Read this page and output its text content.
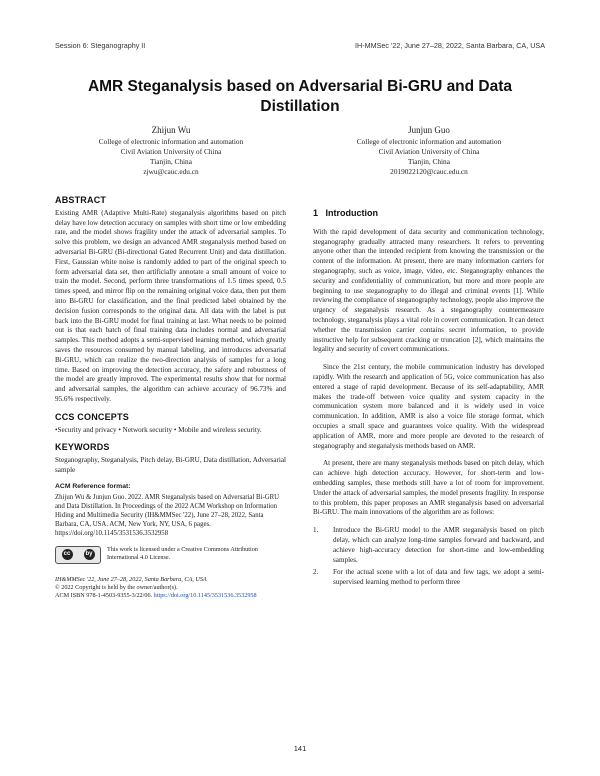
Session 6: Steganography II	IH-MMSec '22, June 27–28, 2022, Santa Barbara, CA, USA
AMR Steganalysis based on Adversarial Bi-GRU and Data Distillation
Zhijun Wu
College of electronic information and automation
Civil Aviation University of China
Tianjin, China
zjwu@cauc.edu.cn
Junjun Guo
College of electronic information and automation
Civil Aviation University of China
Tianjin, China
2019022120@cauc.edu.cn
ABSTRACT

Existing AMR (Adaptive Multi-Rate) steganalysis algorithms based on pitch delay have low detection accuracy on samples with short time or low embedding rate, and the model shows fragility under the attack of adversarial samples. To solve this problem, we design an advanced AMR steganalysis method based on adversarial Bi-GRU (Bi-directional Gated Recurrent Unit) and data distillation. First, Gaussian white noise is randomly added to part of the original speech to form adversarial data set, then artificially annotate a small amount of voice to train the model. Second, perform three transformations of 1.5 times speed, 0.5 times speed, and mirror flip on the remaining original voice data, then put them into Bi-GRU for classification, and the final predicted label obtained by the decision fusion corresponds to the original data. All data with the label is put back into the Bi-GRU model for final training at last. What needs to be pointed out is that each batch of final training data includes normal and adversarial samples. This method adopts a semi-supervised learning method, which greatly saves the resources consumed by manual labeling, and introduces adversarial Bi-GRU, which can realize the two-direction analysis of samples for a long time. Based on improving the detection accuracy, the safety and robustness of the model are greatly improved. The experimental results show that for normal and adversarial samples, the algorithm can achieve accuracy of 96.73% and 95.6% respectively.

CCS CONCEPTS

•Security and privacy • Network security • Mobile and wireless security.

KEYWORDS

Steganography, Steganalysis, Pitch delay, Bi-GRU, Data distillation, Adversarial sample

ACM Reference format:
Zhijun Wu & Junjun Guo. 2022. AMR Steganalysis based on Adversarial Bi-GRU and Data Distillation. In Proceedings of the 2022 ACM Workshop on Information Hiding and Multimedia Security (IH&MMSec '22), June 27–28, 2022, Santa Barbara, CA, USA. ACM, New York, NY, USA, 6 pages. https://doi.org/10.1145/3531536.3532958
cc	by
This work is licensed under a Creative Commons Attribution International 4.0 License.
IH&MMSec '22, June 27–28, 2022, Santa Barbara, CA, USA
© 2022 Copyright is held by the owner/author(s).
ACM ISBN 978-1-4503-9355-3/22/06. https://doi.org/10.1145/3531536.3532958
1   Introduction

With the rapid development of data security and communication technology, steganography gradually attracted many researchers. It refers to preventing anyone other than the intended recipient from knowing the transmission or the content of the information. At present, there are many information carriers for steganography, such as voice, image, video, etc. Steganography enhances the security and confidentiality of communication, but more and more people are beginning to use steganography to do illegal and criminal events [1]. While reviewing the compliance of steganography technology, people also improve the urgency of steganalysis research. As a steganography countermeasure technology, steganalysis plays a vital role in covert communication. It can detect whether the transmission carrier contains secret information, to provide instructive help for subsequent cracking or truncation [2], which maintains the legality and security of covert communications.

Since the 21st century, the mobile communication industry has developed rapidly. With the research and application of 5G, voice communication has also entered a stage of rapid development. Because of its self-adaptability, AMR makes the trade-off between voice quality and system capacity in the communication system more balanced and it is widely used in voice communication. In addition, AMR is also a voice file storage format, which occupies a small space and guarantees voice quality. With the widespread application of AMR, more and more people are devoted to the research of steganography and steganalysis methods based on AMR.

At present, there are many steganalysis methods based on pitch delay, which can achieve high detection accuracy. However, for short-term and low-embedding samples, these methods still have a lot of room for improvement. Under the attack of adversarial samples, the model presents fragility. In response to this problem, this paper proposes an AMR steganalysis based on adversarial Bi-GRU. The main innovations of the algorithm are as follows:

1.	Introduce the Bi-GRU model to the AMR steganalysis based on pitch delay, which can analyze long-time samples forward and backward, and achieve high-accuracy detection for short-time and low-embedding samples.
2.	For the actual scene with a lot of data and few tags, we adopt a semi-supervised learning method to perform three
141
